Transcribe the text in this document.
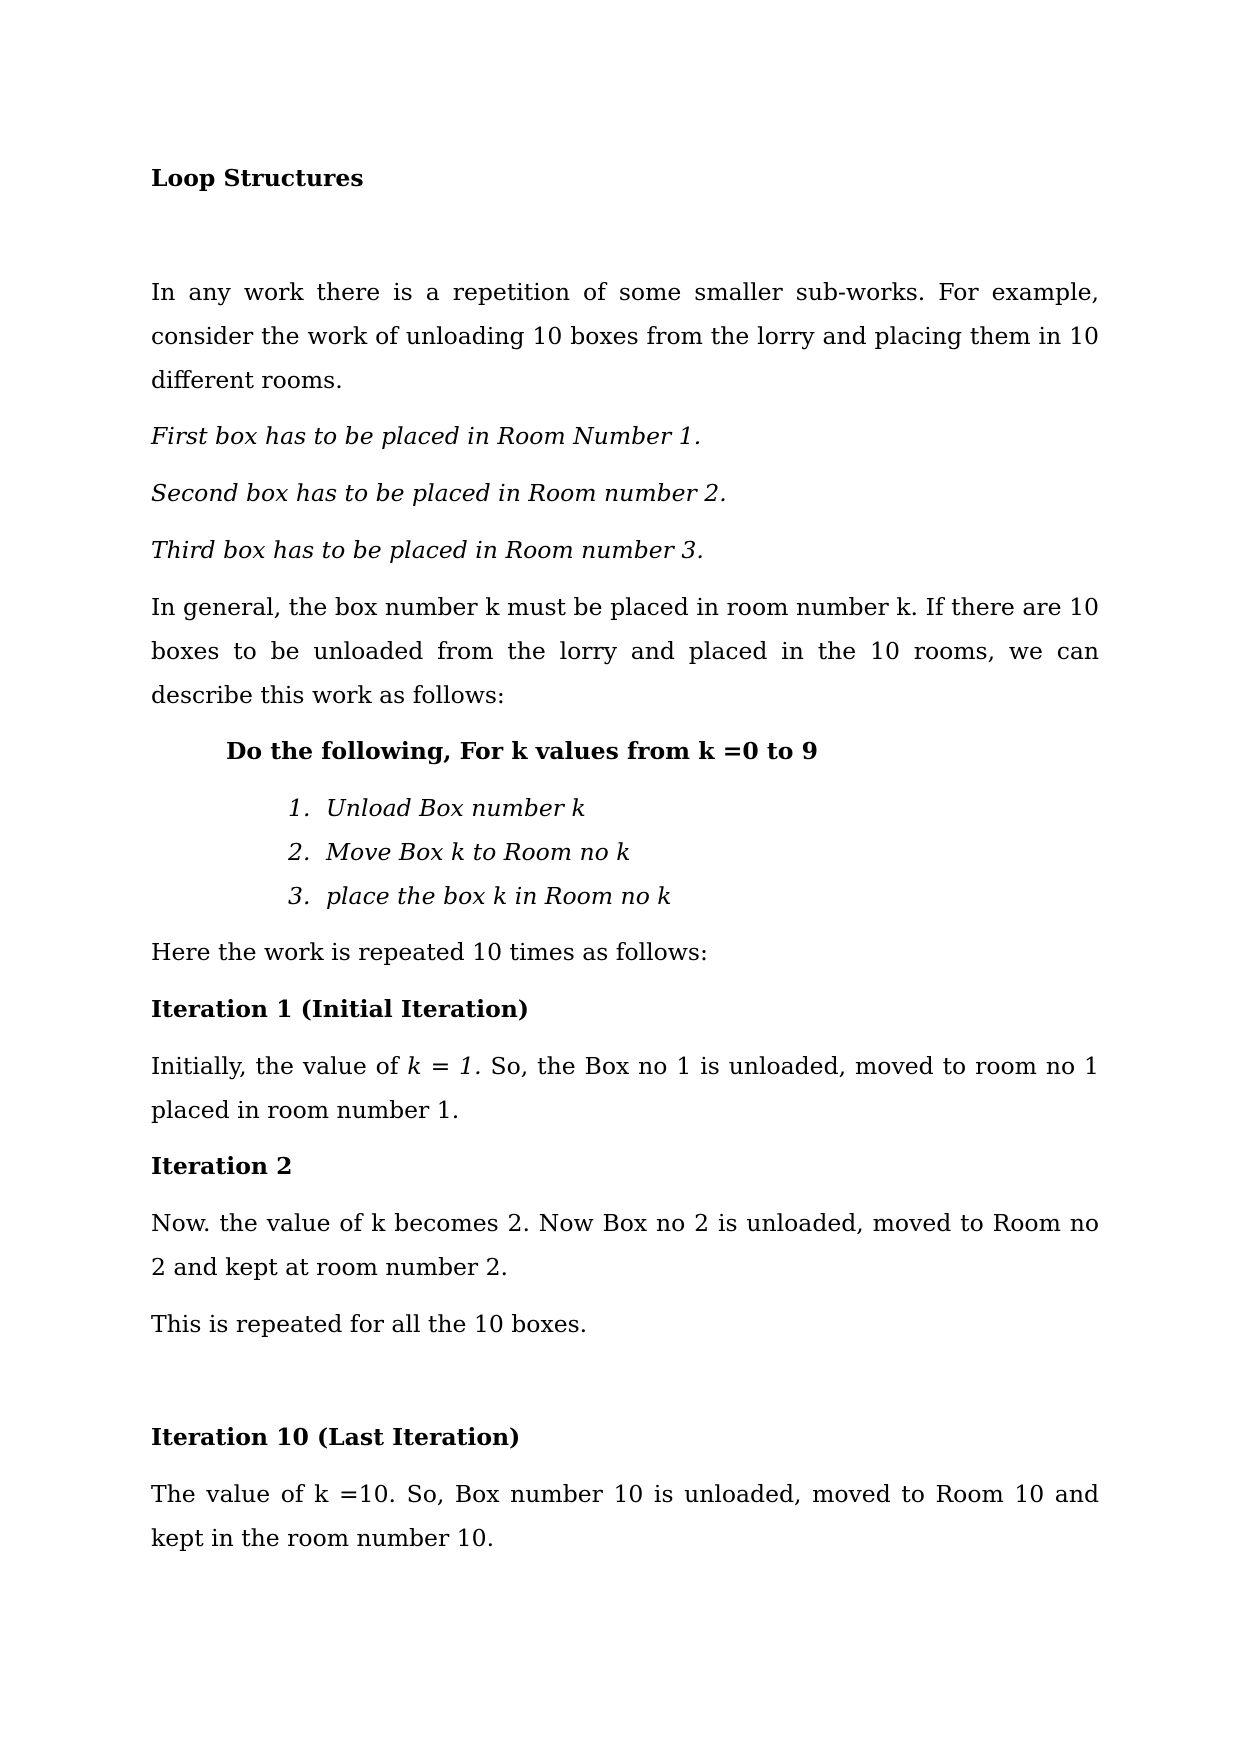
Loop Structures

In any work there is a repetition of some smaller sub-works. For example, consider the work of unloading 10 boxes from the lorry and placing them in 10 different rooms.

First box has to be placed in Room Number 1.

Second box has to be placed in Room number 2.

Third box has to be placed in Room number 3.

In general, the box number k must be placed in room number k. If there are 10 boxes to be unloaded from the lorry and placed in the 10 rooms, we can describe this work as follows:

Do the following, For k values from k =0 to 9

1. Unload Box number k
2. Move Box k to Room no k
3. place the box k in Room no k

Here the work is repeated 10 times as follows:

Iteration 1 (Initial Iteration)

Initially, the value of k = 1. So, the Box no 1 is unloaded, moved to room no 1 placed in room number 1.

Iteration 2

Now. the value of k becomes 2. Now Box no 2 is unloaded, moved to Room no 2 and kept at room number 2.

This is repeated for all the 10 boxes.

Iteration 10 (Last Iteration)

The value of k =10. So, Box number 10 is unloaded, moved to Room 10 and kept in the room number 10.
